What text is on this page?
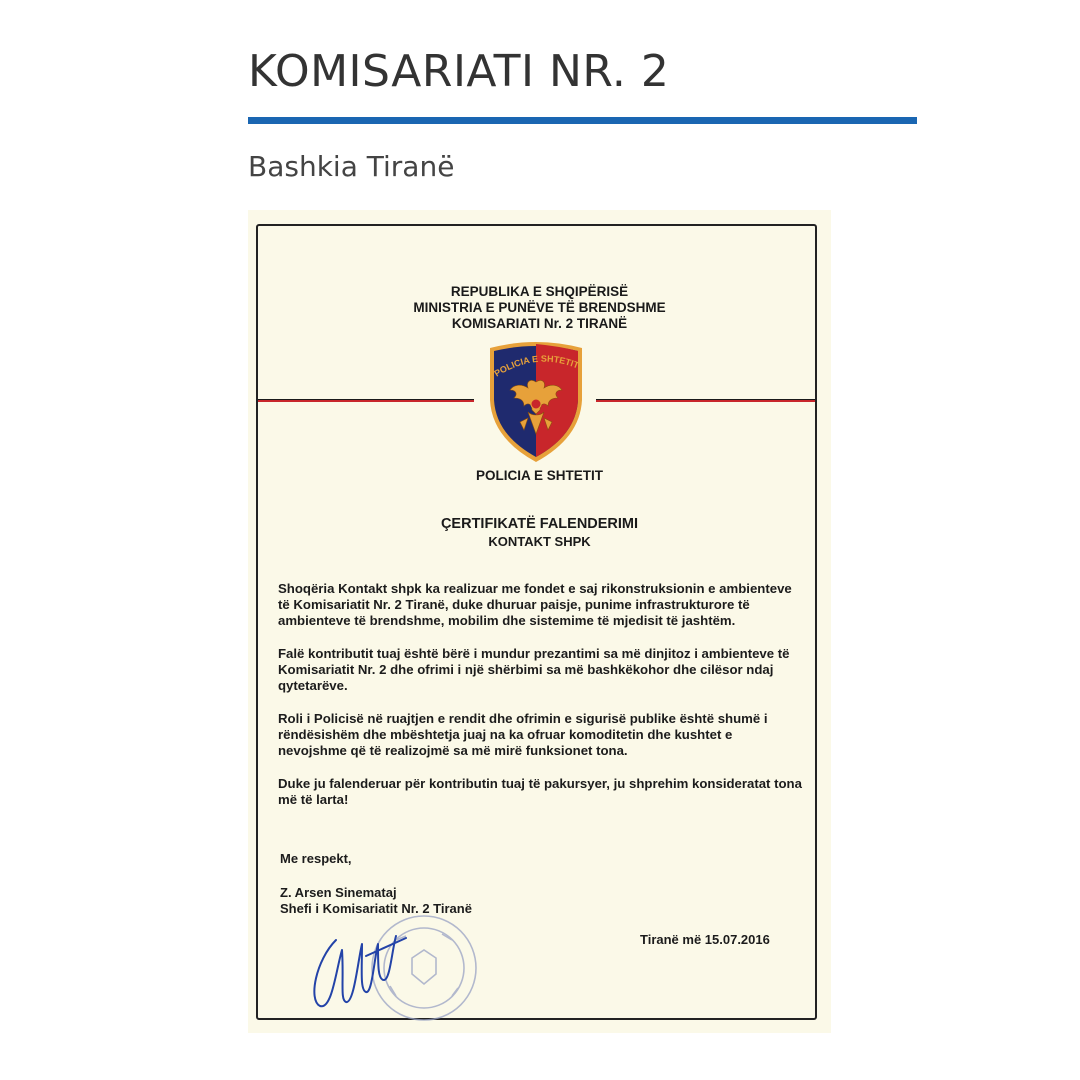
KOMISARIATI NR. 2
Bashkia Tiranë
REPUBLIKA E SHQIPËRISË
MINISTRIA E PUNËVE TË BRENDSHME
KOMISARIATI Nr. 2 TIRANË
POLICIA E SHTETIT
POLICIA E SHTETIT
ÇERTIFIKATË FALENDERIMI
KONTAKT SHPK

Shoqëria Kontakt shpk ka realizuar me fondet e saj rikonstruksionin e ambienteve të Komisariatit Nr. 2 Tiranë, duke dhuruar paisje, punime infrastrukturore të ambienteve të brendshme, mobilim dhe sistemime të mjedisit të jashtëm.

Falë kontributit tuaj është bërë i mundur prezantimi sa më dinjitoz i ambienteve të Komisariatit Nr. 2 dhe ofrimi i një shërbimi sa më bashkëkohor dhe cilësor ndaj qytetarëve.

Roli i Policisë në ruajtjen e rendit dhe ofrimin e sigurisë publike është shumë i rëndësishëm dhe mbështetja juaj na ka ofruar komoditetin dhe kushtet e nevojshme që të realizojmë sa më mirë funksionet tona.

Duke ju falenderuar për kontributin tuaj të pakursyer, ju shprehim konsideratat tona më të larta!

Me respekt,
Z. Arsen Sinemataj
Shefi i Komisariatit Nr. 2 Tiranë
Tiranë më 15.07.2016
